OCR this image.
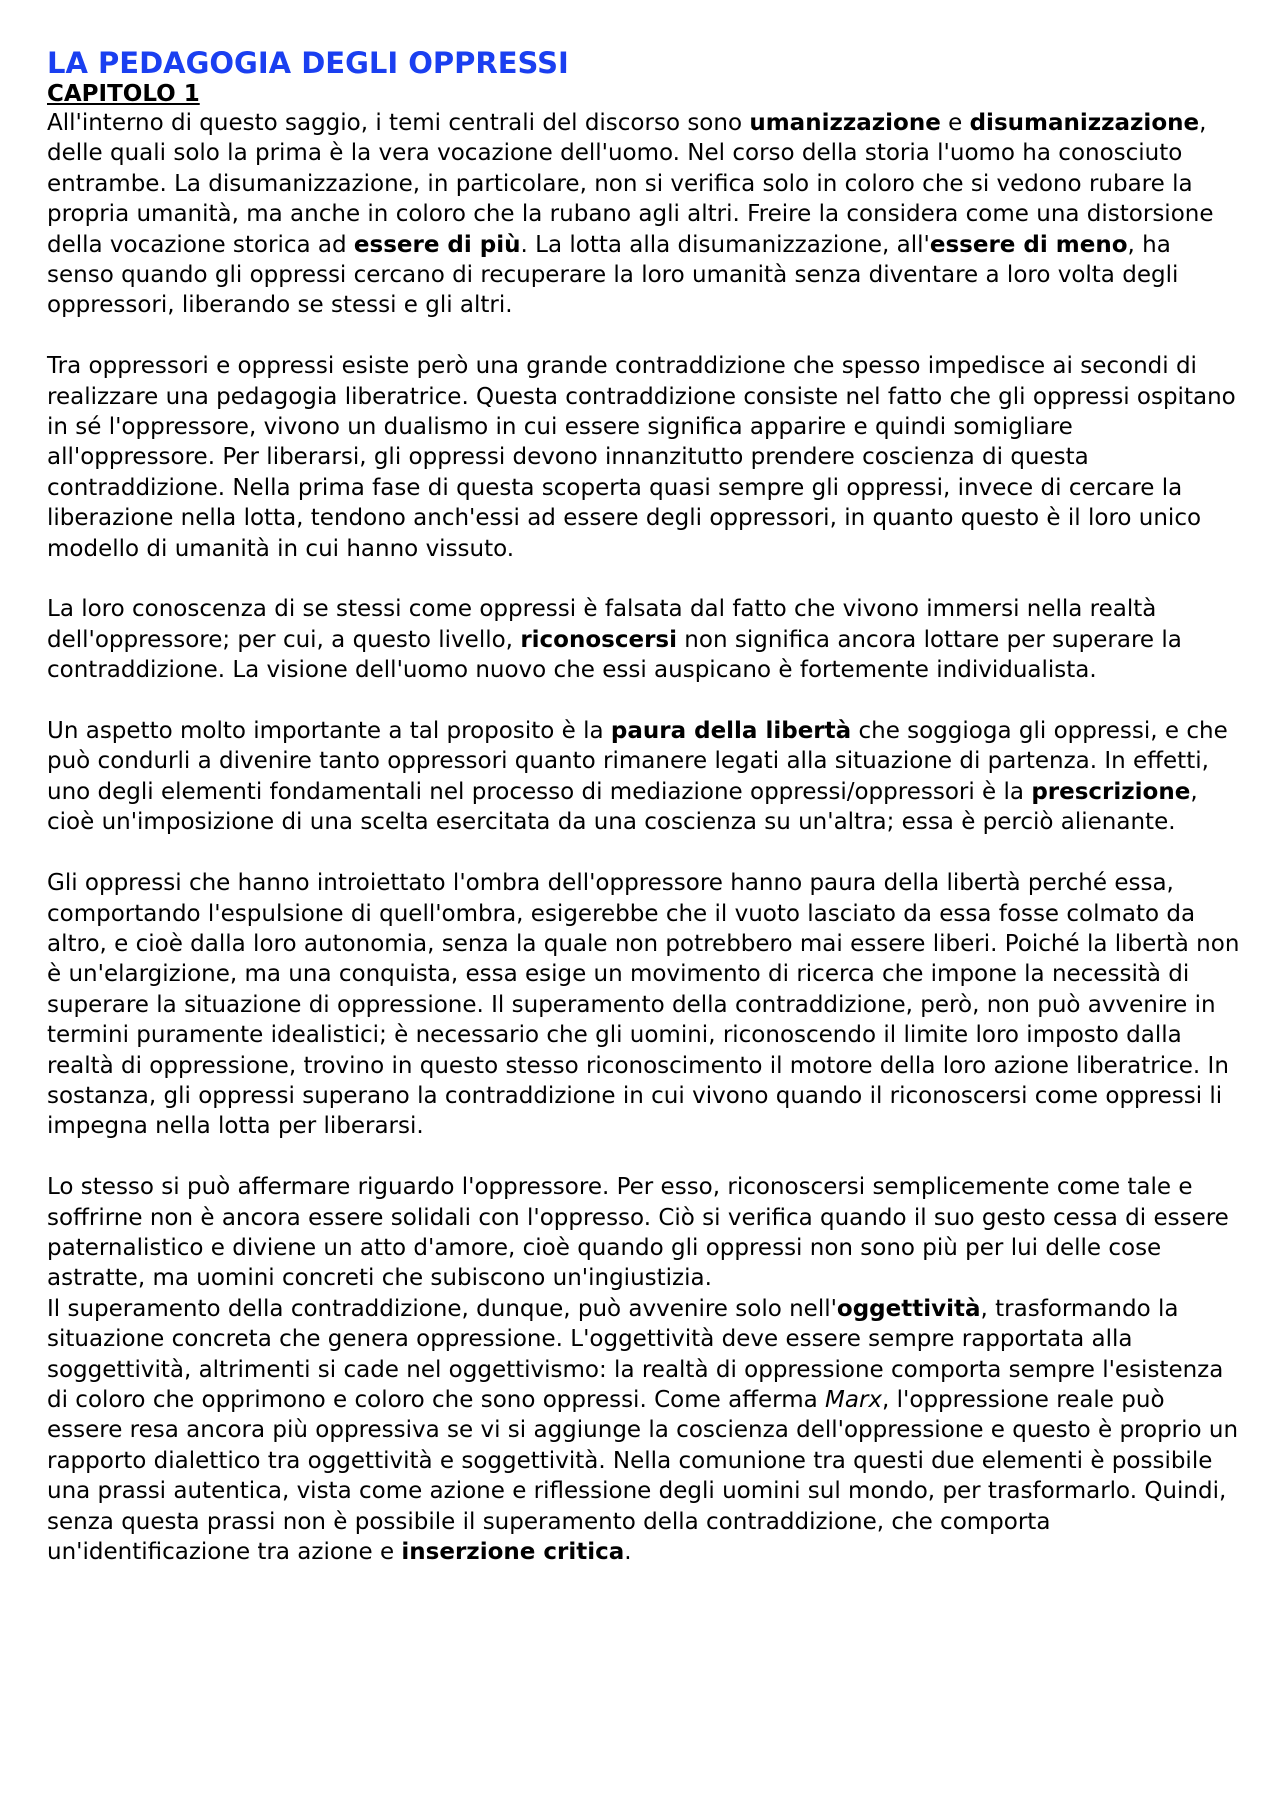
LA PEDAGOGIA DEGLI OPPRESSI
CAPITOLO 1

All'interno di questo saggio, i temi centrali del discorso sono umanizzazione e disumanizzazione, delle quali solo la prima è la vera vocazione dell'uomo. Nel corso della storia l'uomo ha conosciuto entrambe. La disumanizzazione, in particolare, non si verifica solo in coloro che si vedono rubare la propria umanità, ma anche in coloro che la rubano agli altri. Freire la considera come una distorsione della vocazione storica ad essere di più. La lotta alla disumanizzazione, all'essere di meno, ha senso quando gli oppressi cercano di recuperare la loro umanità senza diventare a loro volta degli oppressori, liberando se stessi e gli altri.

Tra oppressori e oppressi esiste però una grande contraddizione che spesso impedisce ai secondi di realizzare una pedagogia liberatrice. Questa contraddizione consiste nel fatto che gli oppressi ospitano in sé l'oppressore, vivono un dualismo in cui essere significa apparire e quindi somigliare all'oppressore. Per liberarsi, gli oppressi devono innanzitutto prendere coscienza di questa contraddizione. Nella prima fase di questa scoperta quasi sempre gli oppressi, invece di cercare la liberazione nella lotta, tendono anch'essi ad essere degli oppressori, in quanto questo è il loro unico modello di umanità in cui hanno vissuto.

La loro conoscenza di se stessi come oppressi è falsata dal fatto che vivono immersi nella realtà dell'oppressore; per cui, a questo livello, riconoscersi non significa ancora lottare per superare la contraddizione. La visione dell'uomo nuovo che essi auspicano è fortemente individualista.

Un aspetto molto importante a tal proposito è la paura della libertà che soggioga gli oppressi, e che può condurli a divenire tanto oppressori quanto rimanere legati alla situazione di partenza. In effetti, uno degli elementi fondamentali nel processo di mediazione oppressi/oppressori è la prescrizione, cioè un'imposizione di una scelta esercitata da una coscienza su un'altra; essa è perciò alienante.

Gli oppressi che hanno introiettato l'ombra dell'oppressore hanno paura della libertà perché essa, comportando l'espulsione di quell'ombra, esigerebbe che il vuoto lasciato da essa fosse colmato da altro, e cioè dalla loro autonomia, senza la quale non potrebbero mai essere liberi. Poiché la libertà non è un'elargizione, ma una conquista, essa esige un movimento di ricerca che impone la necessità di superare la situazione di oppressione. Il superamento della contraddizione, però, non può avvenire in termini puramente idealistici; è necessario che gli uomini, riconoscendo il limite loro imposto dalla realtà di oppressione, trovino in questo stesso riconoscimento il motore della loro azione liberatrice. In sostanza, gli oppressi superano la contraddizione in cui vivono quando il riconoscersi come oppressi li impegna nella lotta per liberarsi.

Lo stesso si può affermare riguardo l'oppressore. Per esso, riconoscersi semplicemente come tale e soffrirne non è ancora essere solidali con l'oppresso. Ciò si verifica quando il suo gesto cessa di essere paternalistico e diviene un atto d'amore, cioè quando gli oppressi non sono più per lui delle cose astratte, ma uomini concreti che subiscono un'ingiustizia.

Il superamento della contraddizione, dunque, può avvenire solo nell'oggettività, trasformando la situazione concreta che genera oppressione. L'oggettività deve essere sempre rapportata alla soggettività, altrimenti si cade nel oggettivismo: la realtà di oppressione comporta sempre l'esistenza di coloro che opprimono e coloro che sono oppressi. Come afferma Marx, l'oppressione reale può essere resa ancora più oppressiva se vi si aggiunge la coscienza dell'oppressione e questo è proprio un rapporto dialettico tra oggettività e soggettività. Nella comunione tra questi due elementi è possibile una prassi autentica, vista come azione e riflessione degli uomini sul mondo, per trasformarlo. Quindi, senza questa prassi non è possibile il superamento della contraddizione, che comporta un'identificazione tra azione e inserzione critica.
